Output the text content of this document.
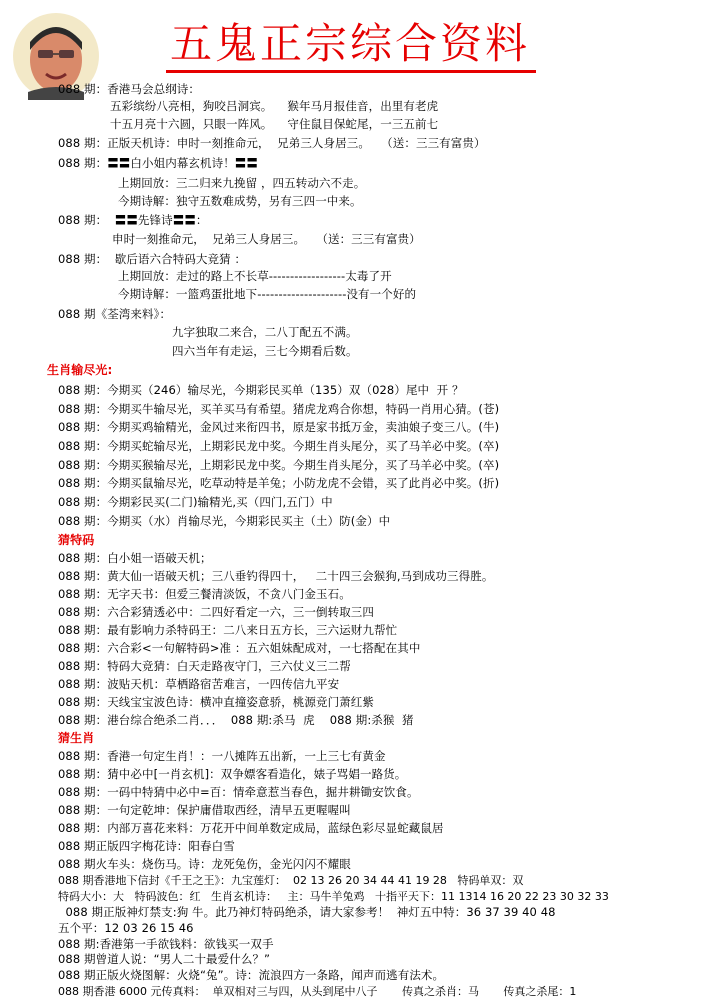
五鬼正宗综合资料
088 期：香港马会总纲诗：
五彩缤纷八亮相，狗咬吕洞宾。    猴年马月报佳音，出里有老虎
十五月亮十六圆，只眼一阵风。    守住鼠目保蛇尾，一三五前七
088 期：正版天机诗：申时一刻推命元，  兄弟三人身居三。   （送：三三有富贵）
088 期：〓〓白小姐内幕玄机诗！〓〓
上期回放：三二归来九挽留 ，四五转动六不走。
今期诗解：独守五数难成势，另有三四一中来。
088 期：  〓〓先锋诗〓〓：
申时一刻推命元，  兄弟三人身居三。   （送：三三有富贵）
088 期：  歇后语六合特码大竞猜 ：
上期回放：走过的路上不长草------------------太毒了开
今期诗解：一篮鸡蛋批地下---------------------没有一个好的
088 期《荃湾来料》：
九字独取二来合，二八丁配五不满。
四六当年有走运，三七今期看后数。
生肖输尽光:
088 期：今期买（246）输尽光，今期彩民买单（135）双（028）尾中  开 ？
088 期：今期买牛输尽光，买羊买马有希望。猪虎龙鸡合你想，特码一肖用心猜。(苍)
088 期：今期买鸡输精光，金风过来衔四书，原是家书抵万金，卖油娘子变三八。(牛)
088 期：今期买蛇输尽光，上期彩民龙中奖。今期生肖头尾分，买了马羊必中奖。(卒)
088 期：今期买猴输尽光，上期彩民龙中奖。今期生肖头尾分，买了马羊必中奖。(卒)
088 期：今期买鼠输尽光，吃草动特是羊兔；小防龙虎不会错，买了此肖必中奖。(折)
088 期：今期彩民买(二门)输精光,买（四门,五门）中
088 期：今期买（水）肖输尽光，今期彩民买主（土）防(金）中
猜特码
088 期：白小姐一语破天机；
088 期：黄大仙一语破天机；三八垂钓得四十，   二十四三会猴狗,马到成功三得胜。
088 期：无字天书：但爱三餐清淡饭，不贪八门金玉石。
088 期：六合彩猜透必中：二四好看定一六，三一倒转取三四
088 期：最有影响力杀特码王：二八来日五方长，三六运财九帮忙
088 期：六合彩<一句解特码>准 ：五六姐妹配成对，一七搭配在其中
088 期：特码大竞猜：白天走路夜守门，三六仗义三二帮
088 期：波贴天机：草栖路宿苦难言，一四传信九平安
088 期：天线宝宝波色诗：横冲直撞姿意骄，桃源竞门萧红紫
088 期：港台综合绝杀二肖．．．  088 期:杀马  虎    088 期:杀猴  猪
猜生肖
088 期：香港一句定生肖！：一八摊阵五出新，一上三七有黄金
088 期：猜中必中[一肖玄机]：双争嫖客看造化，婊子骂娼一路货。
088 期：一码中特猜中必中=百：情牵意惹当春色，掘井耕锄安饮食。
088 期：一句定乾坤：保护庸借取西经，清早五更喔喔叫
088 期：内部万喜花来料：万花开中间单数定成局，蓝绿色彩尽显蛇藏鼠居
088 期正版四字梅花诗：阳春白雪
088 期火车头：烧伤马。诗：龙死兔伤，金光闪闪不耀眼
088 期香港地下信封《千王之王》：九宝莲灯：  02 13 26 20 34 44 41 19 28   特码单双：双
特码大小：大   特码波色：红   生肖玄机诗：   主：马牛羊兔鸡   十指平天下：11 1314 16 20 22 23 30 32 33
088 期正版神灯禁支:狗 牛。此乃神灯特码绝杀，请大家参考！  神灯五中特：36 37 39 40 48
五个平：12 03 26 15 46
088 期:香港第一手欲钱料：欲钱买一双手
088 期曾道人说：“男人二十最爱什么？”
088 期正版火烧图解：火烧“兔”。诗：流浪四方一条路，闻声而逃有法术。
088 期香港 6000 元传真料：  单双相对三与四，从头到尾中八子       传真之杀肖：马       传真之杀尾：1
